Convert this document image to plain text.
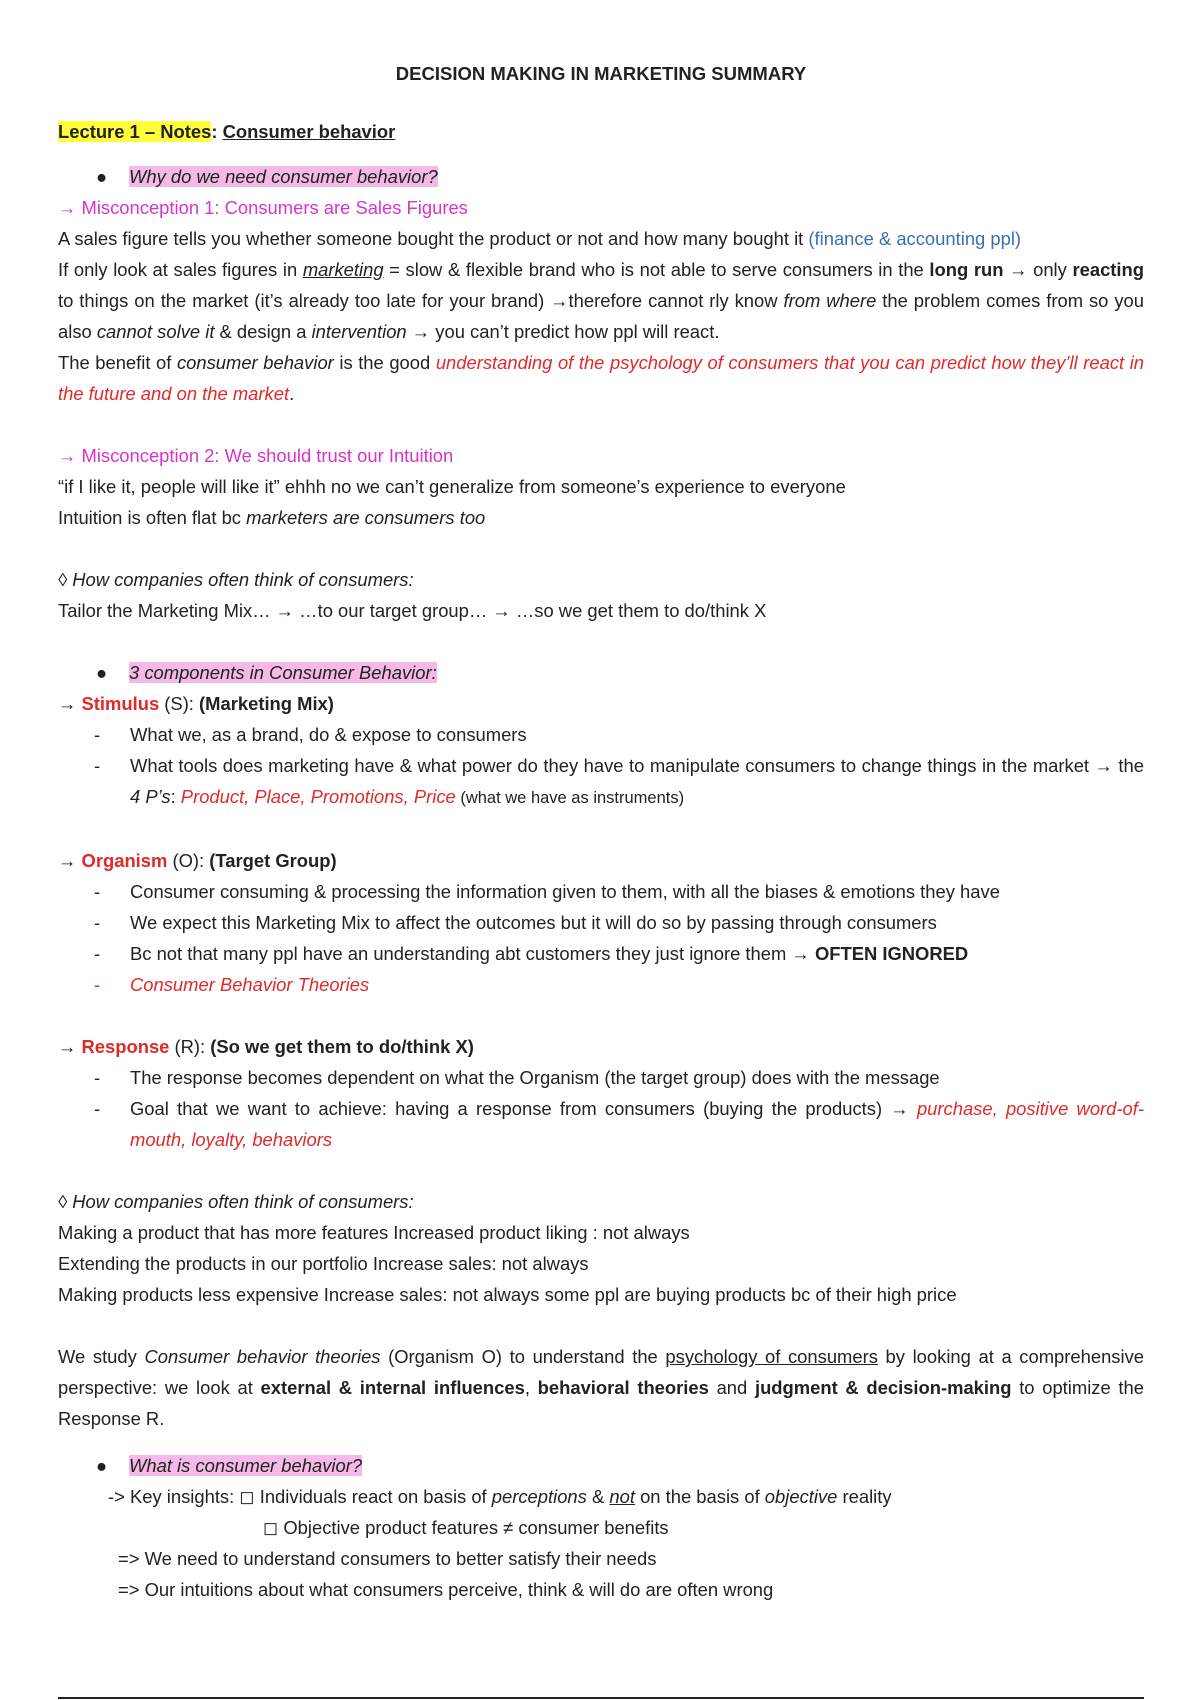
DECISION MAKING IN MARKETING SUMMARY

Lecture 1 – Notes: Consumer behavior

● Why do we need consumer behavior?

→ Misconception 1: Consumers are Sales Figures

A sales figure tells you whether someone bought the product or not and how many bought it (finance & accounting ppl)

If only look at sales figures in marketing = slow & flexible brand who is not able to serve consumers in the long run → only reacting to things on the market (it’s already too late for your brand) →therefore cannot rly know from where the problem comes from so you also cannot solve it & design a intervention → you can’t predict how ppl will react.

The benefit of consumer behavior is the good understanding of the psychology of consumers that you can predict how they’ll react in the future and on the market.

→ Misconception 2: We should trust our Intuition

“if I like it, people will like it” ehhh no we can’t generalize from someone’s experience to everyone

Intuition is often flat bc marketers are consumers too

◊ How companies often think of consumers:

Tailor the Marketing Mix… → …to our target group… → …so we get them to do/think X

● 3 components in Consumer Behavior:

→ Stimulus (S): (Marketing Mix)

- What we, as a brand, do & expose to consumers

- What tools does marketing have & what power do they have to manipulate consumers to change things in the market → the 4 P’s: Product, Place, Promotions, Price (what we have as instruments)

→ Organism (O): (Target Group)

- Consumer consuming & processing the information given to them, with all the biases & emotions they have

- We expect this Marketing Mix to affect the outcomes but it will do so by passing through consumers

- Bc not that many ppl have an understanding abt customers they just ignore them → OFTEN IGNORED

- Consumer Behavior Theories

→ Response (R): (So we get them to do/think X)

- The response becomes dependent on what the Organism (the target group) does with the message

- Goal that we want to achieve: having a response from consumers (buying the products) → purchase, positive word-of-mouth, loyalty, behaviors

◊ How companies often think of consumers:

Making a product that has more features Increased product liking : not always

Extending the products in our portfolio Increase sales: not always

Making products less expensive Increase sales: not always some ppl are buying products bc of their high price

We study Consumer behavior theories (Organism O) to understand the psychology of consumers by looking at a comprehensive perspective: we look at external & internal influences, behavioral theories and judgment & decision-making to optimize the Response R.

● What is consumer behavior?

-> Key insights: ◻ Individuals react on basis of perceptions & not on the basis of objective reality

◻ Objective product features ≠ consumer benefits

=> We need to understand consumers to better satisfy their needs

=> Our intuitions about what consumers perceive, think & will do are often wrong
